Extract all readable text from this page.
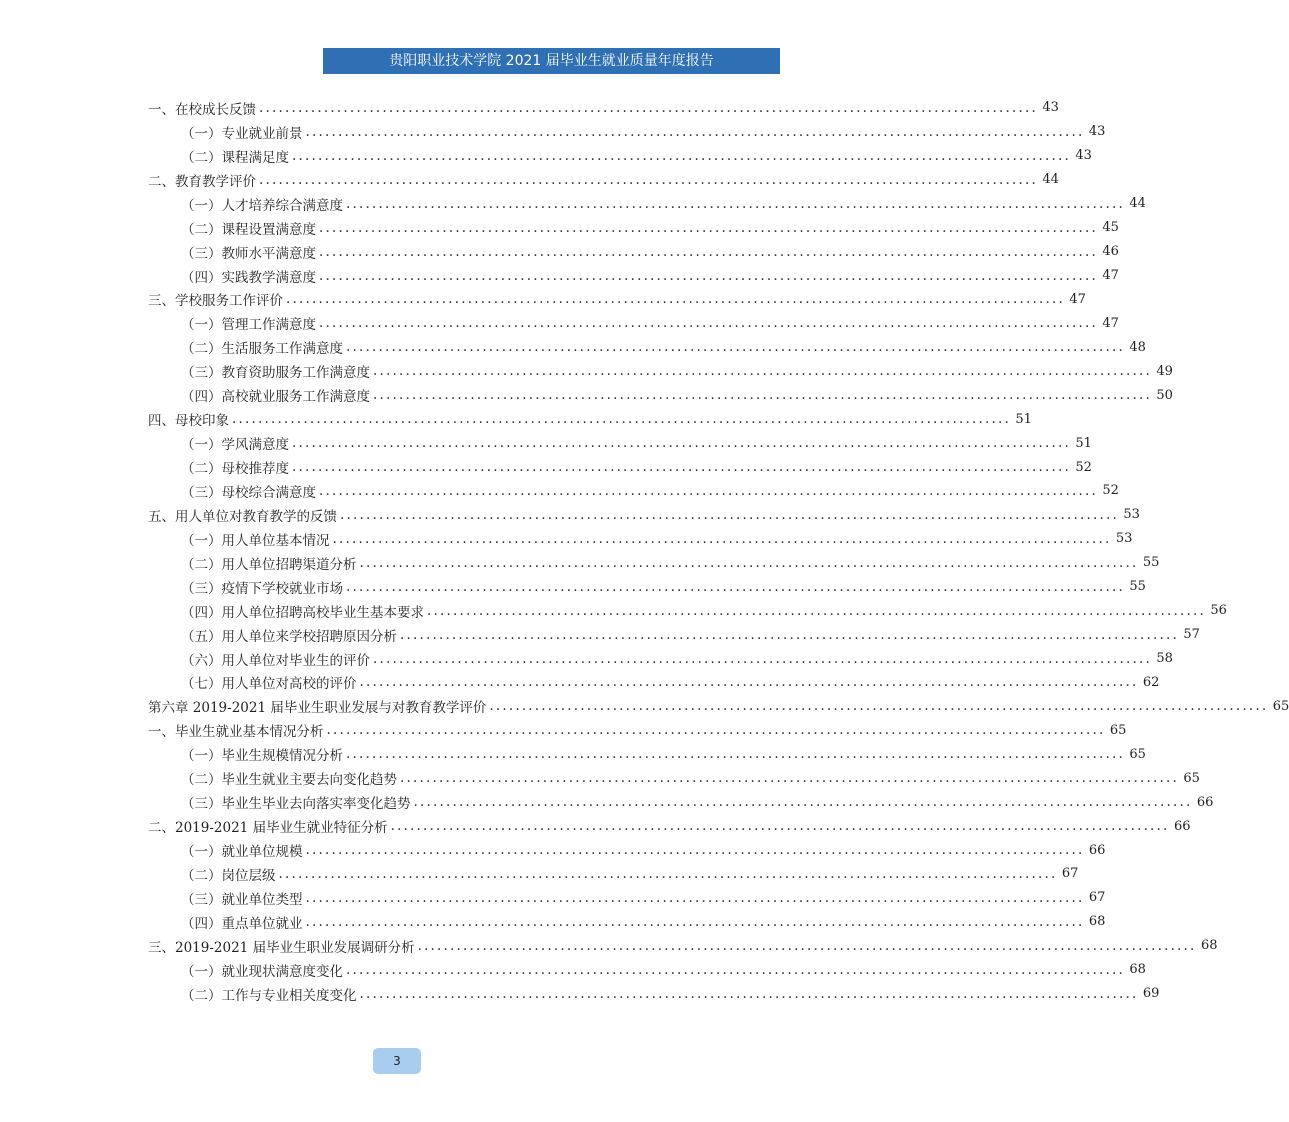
贵阳职业技术学院 2021 届毕业生就业质量年度报告
一、在校成长反馈 ........................................................................................................................ 43
（一）专业就业前景 ........................................................................................................................ 43
（二）课程满足度 ........................................................................................................................ 43
二、教育教学评价 ........................................................................................................................ 44
（一）人才培养综合满意度 ........................................................................................................................ 44
（二）课程设置满意度 ........................................................................................................................ 45
（三）教师水平满意度 ........................................................................................................................ 46
（四）实践教学满意度 ........................................................................................................................ 47
三、学校服务工作评价 ........................................................................................................................ 47
（一）管理工作满意度 ........................................................................................................................ 47
（二）生活服务工作满意度 ........................................................................................................................ 48
（三）教育资助服务工作满意度 ........................................................................................................................ 49
（四）高校就业服务工作满意度 ........................................................................................................................ 50
四、母校印象 ........................................................................................................................ 51
（一）学风满意度 ........................................................................................................................ 51
（二）母校推荐度 ........................................................................................................................ 52
（三）母校综合满意度 ........................................................................................................................ 52
五、用人单位对教育教学的反馈 ........................................................................................................................ 53
（一）用人单位基本情况 ........................................................................................................................ 53
（二）用人单位招聘渠道分析 ........................................................................................................................ 55
（三）疫情下学校就业市场 ........................................................................................................................ 55
（四）用人单位招聘高校毕业生基本要求 ........................................................................................................................ 56
（五）用人单位来学校招聘原因分析 ........................................................................................................................ 57
（六）用人单位对毕业生的评价 ........................................................................................................................ 58
（七）用人单位对高校的评价 ........................................................................................................................ 62
第六章 2019-2021 届毕业生职业发展与对教育教学评价 ........................................................................................................................ 65
一、毕业生就业基本情况分析 ........................................................................................................................ 65
（一）毕业生规模情况分析 ........................................................................................................................ 65
（二）毕业生就业主要去向变化趋势 ........................................................................................................................ 65
（三）毕业生毕业去向落实率变化趋势 ........................................................................................................................ 66
二、2019-2021 届毕业生就业特征分析 ........................................................................................................................ 66
（一）就业单位规模 ........................................................................................................................ 66
（二）岗位层级 ........................................................................................................................ 67
（三）就业单位类型 ........................................................................................................................ 67
（四）重点单位就业 ........................................................................................................................ 68
三、2019-2021 届毕业生职业发展调研分析 ........................................................................................................................ 68
（一）就业现状满意度变化 ........................................................................................................................ 68
（二）工作与专业相关度变化 ........................................................................................................................ 69
3
